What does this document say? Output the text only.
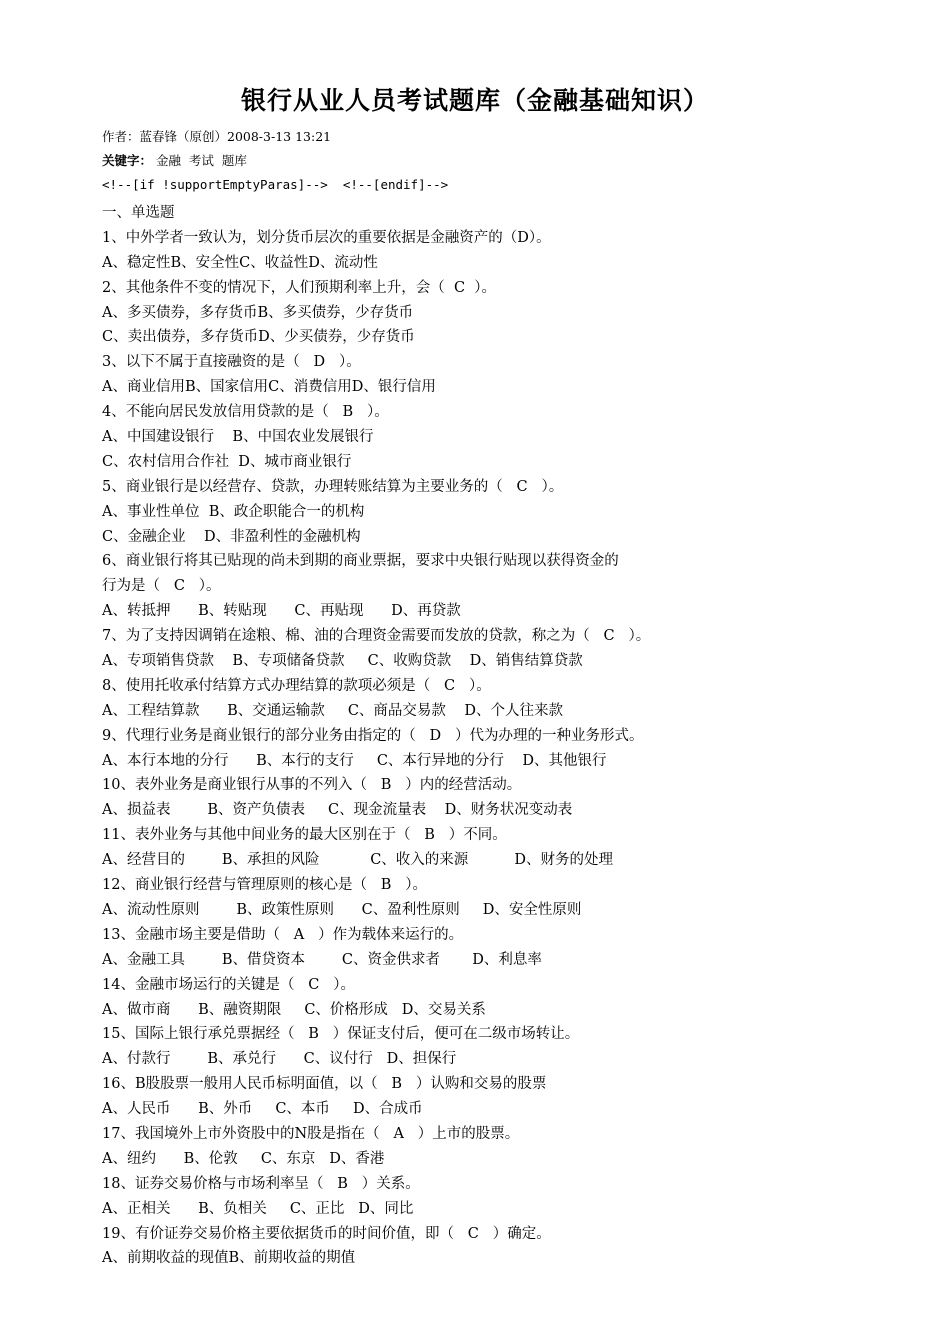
银行从业人员考试题库（金融基础知识）
作者：蓝春锋（原创）2008-3-13 13:21
关键字： 金融  考试  题库
<!--[if !supportEmptyParas]-->  <!--[endif]-->
一、单选题
1、中外学者一致认为，划分货币层次的重要依据是金融资产的（D）。
A、稳定性B、安全性C、收益性D、流动性
2、其他条件不变的情况下，人们预期利率上升，会（  C  ）。
A、多买债券，多存货币B、多买债券，少存货币
C、卖出债券，多存货币D、少买债券，少存货币
3、以下不属于直接融资的是（   D   ）。
A、商业信用B、国家信用C、消费信用D、银行信用
4、不能向居民发放信用贷款的是（   B   ）。
A、中国建设银行    B、中国农业发展银行
C、农村信用合作社  D、城市商业银行
5、商业银行是以经营存、贷款，办理转账结算为主要业务的（   C   ）。
A、事业性单位  B、政企职能合一的机构
C、金融企业    D、非盈利性的金融机构
6、商业银行将其已贴现的尚未到期的商业票据，要求中央银行贴现以获得资金的
行为是（   C   ）。
A、转抵押      B、转贴现      C、再贴现      D、再贷款
7、为了支持因调销在途粮、棉、油的合理资金需要而发放的贷款，称之为（   C   ）。
A、专项销售贷款    B、专项储备贷款     C、收购贷款    D、销售结算贷款
8、使用托收承付结算方式办理结算的款项必须是（   C   ）。
A、工程结算款      B、交通运输款     C、商品交易款    D、个人往来款
9、代理行业务是商业银行的部分业务由指定的（   D   ）代为办理的一种业务形式。
A、本行本地的分行      B、本行的支行     C、本行异地的分行    D、其他银行
10、表外业务是商业银行从事的不列入（   B   ）内的经营活动。
A、损益表        B、资产负债表     C、现金流量表    D、财务状况变动表
11、表外业务与其他中间业务的最大区别在于（   B   ）不同。
A、经营目的        B、承担的风险           C、收入的来源          D、财务的处理
12、商业银行经营与管理原则的核心是（   B   ）。
A、流动性原则        B、政策性原则      C、盈利性原则     D、安全性原则
13、金融市场主要是借助（   A   ）作为载体来运行的。
A、金融工具        B、借贷资本        C、资金供求者       D、利息率
14、金融市场运行的关键是（   C   ）。
A、做市商      B、融资期限     C、价格形成   D、交易关系
15、国际上银行承兑票据经（   B   ）保证支付后，便可在二级市场转让。
A、付款行        B、承兑行      C、议付行   D、担保行
16、B股股票一般用人民币标明面值，以（   B   ）认购和交易的股票
A、人民币      B、外币     C、本币     D、合成币
17、我国境外上市外资股中的N股是指在（   A   ）上市的股票。
A、纽约      B、伦敦     C、东京   D、香港
18、证券交易价格与市场利率呈（   B   ）关系。
A、正相关      B、负相关     C、正比   D、同比
19、有价证券交易价格主要依据货币的时间价值，即（   C   ）确定。
A、前期收益的现值B、前期收益的期值
